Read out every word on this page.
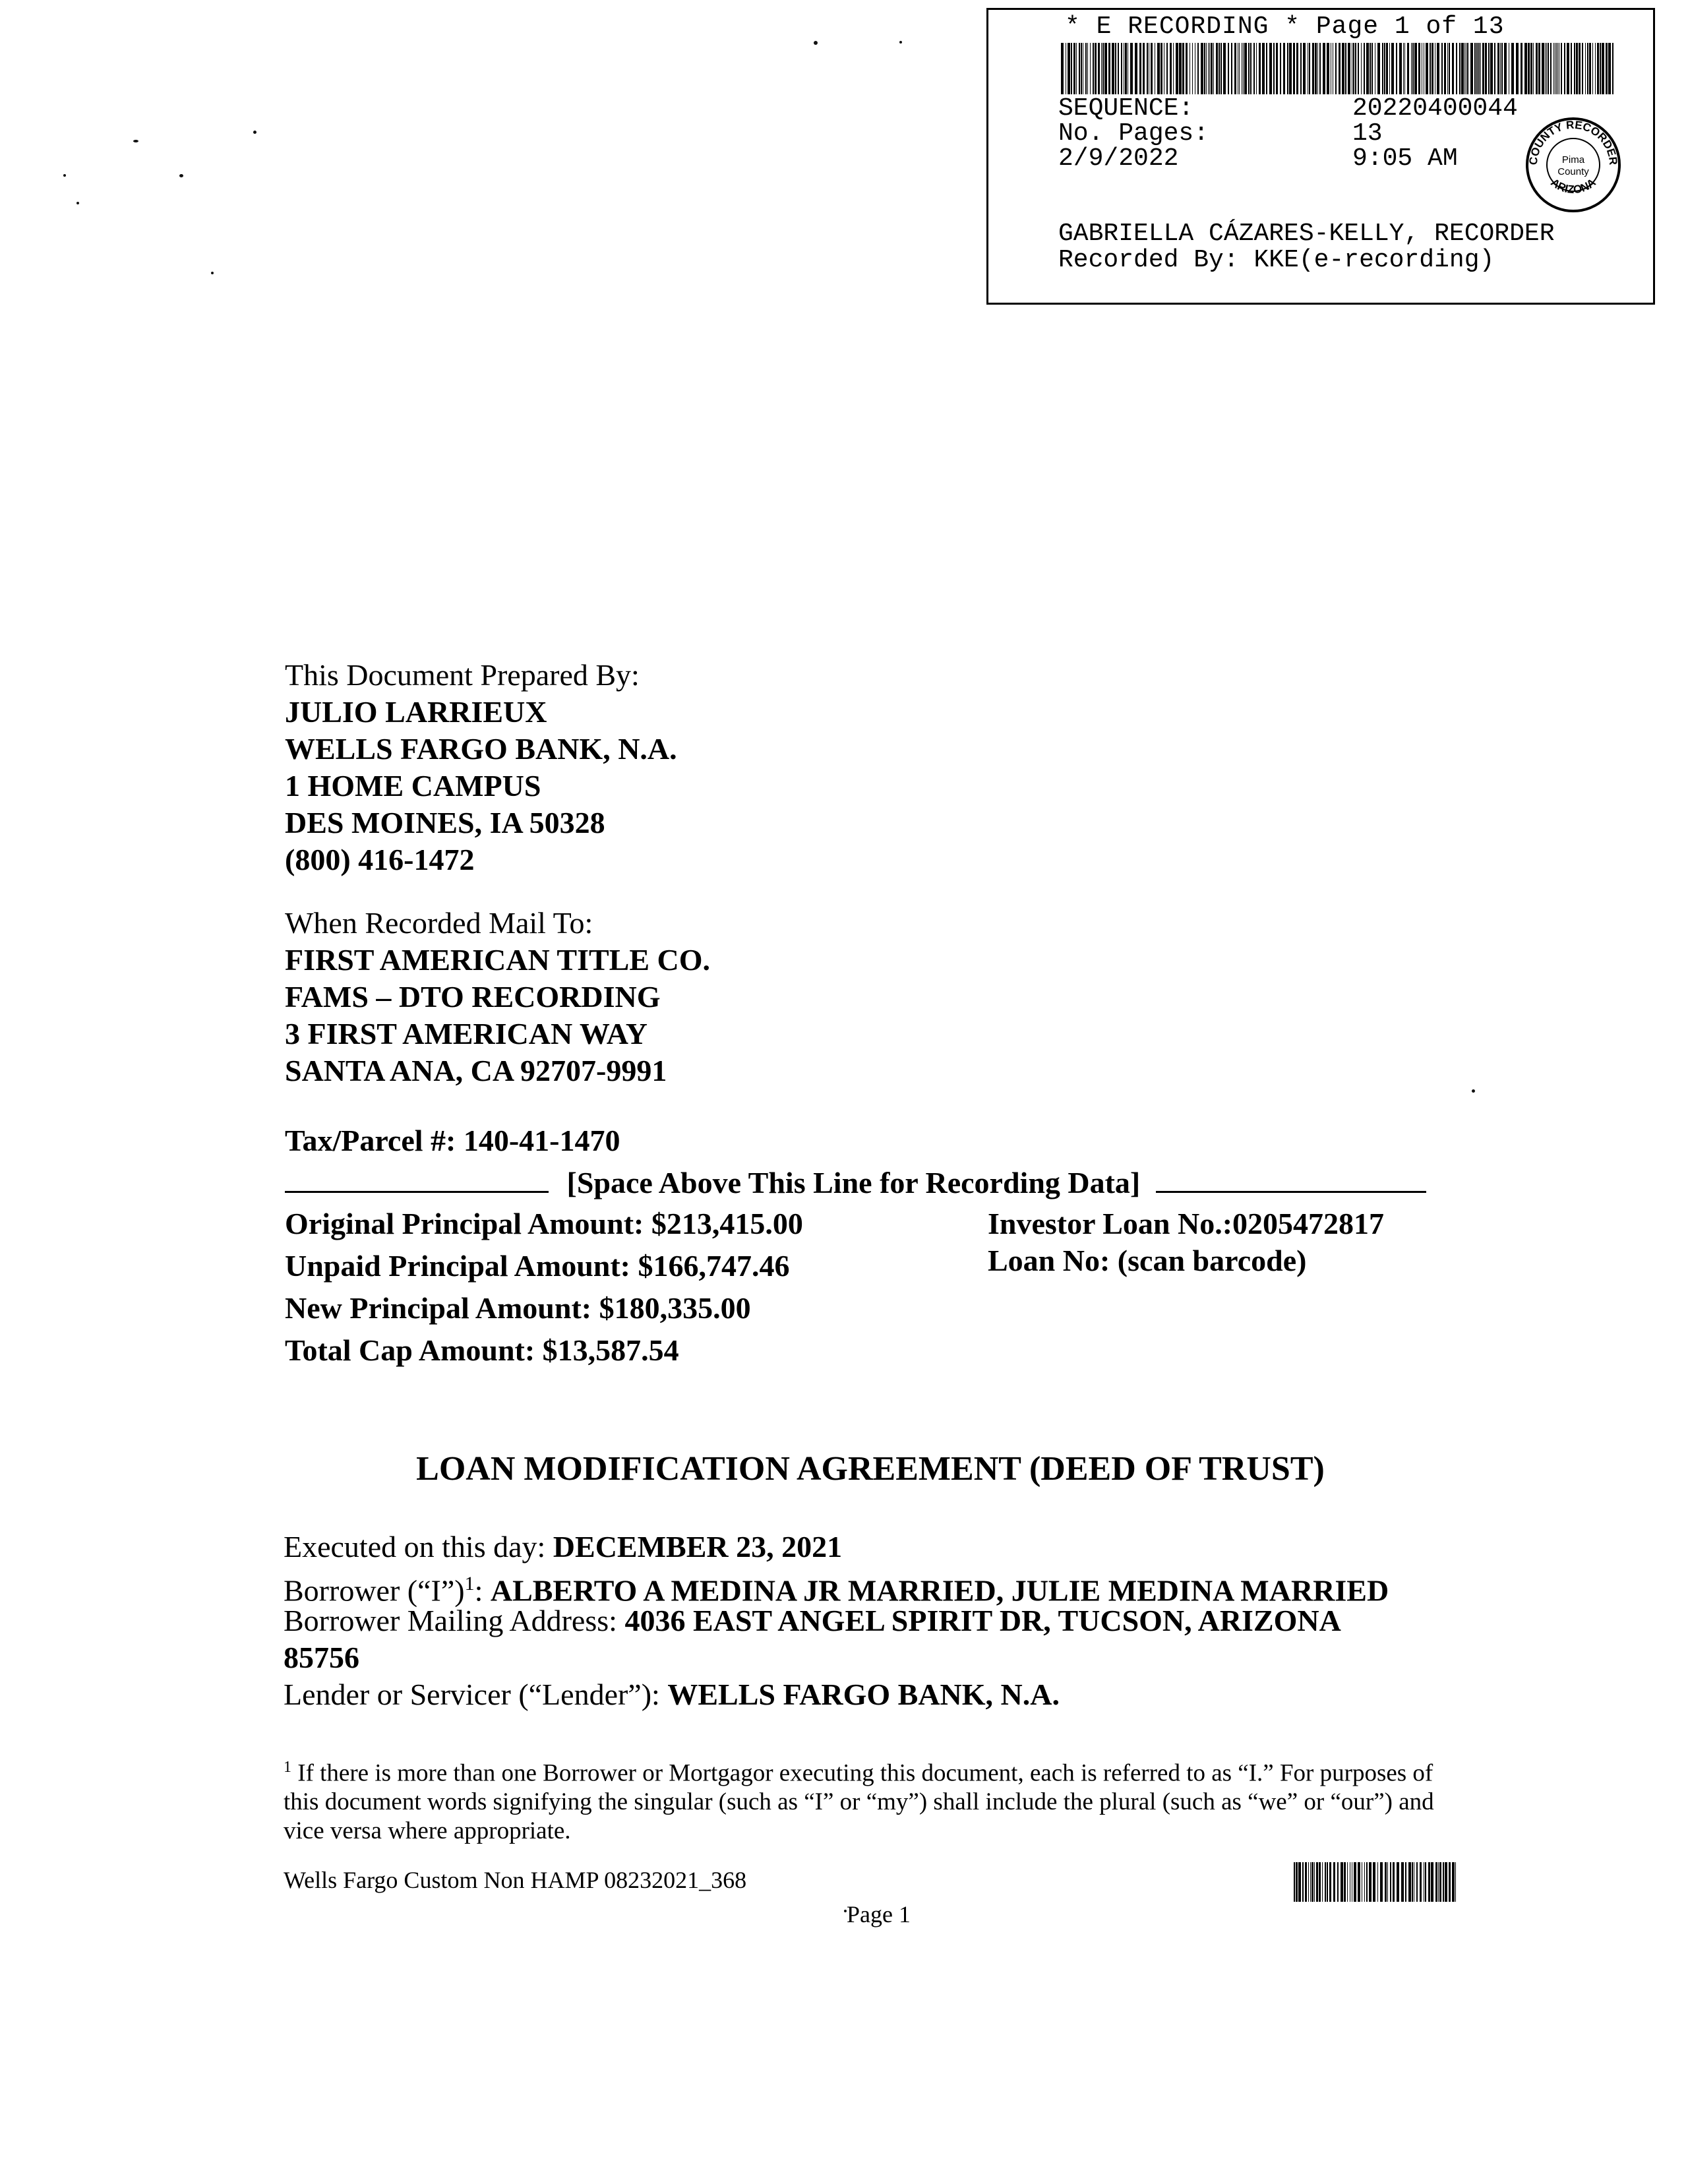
* E RECORDING * Page 1 of 13
SEQUENCE:	20220400044
No. Pages:	13
2/9/2022	9:05 AM	COUNTY RECORDER
ARIZONA
Pima
County
GABRIELLA CÁZARES-KELLY, RECORDER
Recorded By: KKE(e-recording)
This Document Prepared By:
JULIO LARRIEUX
WELLS FARGO BANK, N.A.
1 HOME CAMPUS
DES MOINES, IA 50328
(800) 416-1472
When Recorded Mail To:
FIRST AMERICAN TITLE CO.
FAMS – DTO RECORDING
3 FIRST AMERICAN WAY
SANTA ANA, CA 92707-9991
Tax/Parcel #: 140-41-1470
[Space Above This Line for Recording Data]
Original Principal Amount: $213,415.00
Unpaid Principal Amount: $166,747.46
New Principal Amount: $180,335.00
Total Cap Amount: $13,587.54
Investor Loan No.:0205472817
Loan No: (scan barcode)
LOAN MODIFICATION AGREEMENT (DEED OF TRUST)
Executed on this day: DECEMBER 23, 2021
Borrower (“I”)$^1$: ALBERTO A MEDINA JR MARRIED, JULIE MEDINA MARRIED
Borrower Mailing Address: 4036 EAST ANGEL SPIRIT DR, TUCSON, ARIZONA
85756
Lender or Servicer (“Lender”): WELLS FARGO BANK, N.A.
$^1$ If there is more than one Borrower or Mortgagor executing this document, each is referred to as “I.” For purposes of this document words signifying the singular (such as “I” or “my”) shall include the plural (such as “we” or “our”) and vice versa where appropriate.
Wells Fargo Custom Non HAMP 08232021_368
Page 1
